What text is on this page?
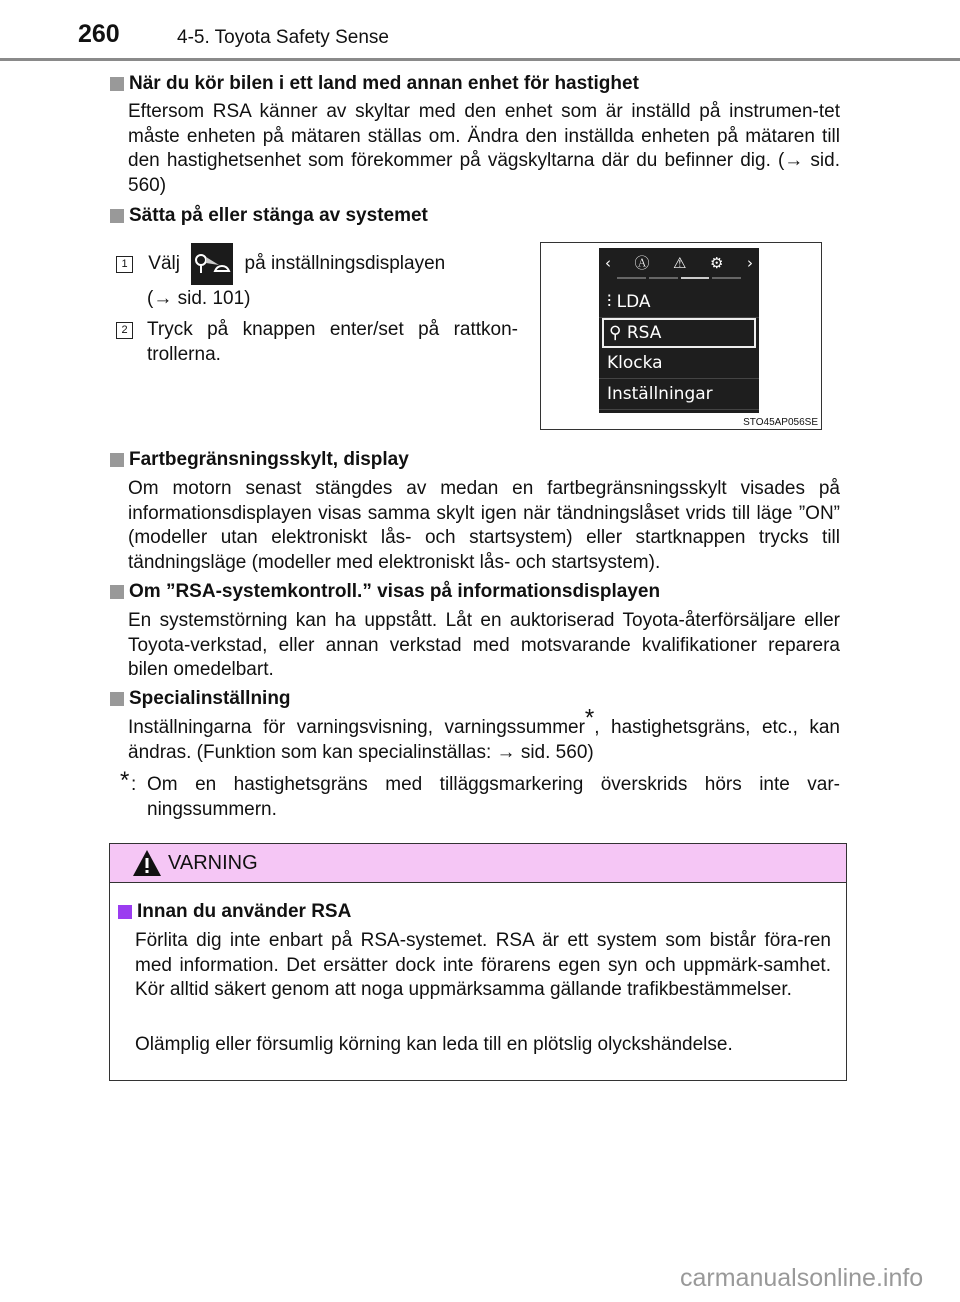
260	4-5. Toyota Safety Sense
När du kör bilen i ett land med annan enhet för hastighet
Eftersom RSA känner av skyltar med den enhet som är inställd på instrumen-tet måste enheten på mätaren ställas om. Ändra den inställda enheten på mätaren till den hastighetsenhet som förekommer på vägskyltarna där du befinner dig. (→ sid. 560)
Sätta på eller stänga av systemet
1 Välj	på inställningsdisplayen
(→ sid. 101)
2 Tryck på knappen enter/set på rattkon-trollerna.
‹ Ⓐ ⚠ ⚙ ›
⫶ LDA
⚲ RSA
Klocka
Inställningar
STO45AP056SE
Fartbegränsningsskylt, display
Om motorn senast stängdes av medan en fartbegränsningsskylt visades på informationsdisplayen visas samma skylt igen när tändningslåset vrids till läge ”ON” (modeller utan elektroniskt lås- och startsystem) eller startknappen trycks till tändningsläge (modeller med elektroniskt lås- och startsystem).
Om ”RSA-systemkontroll.” visas på informationsdisplayen
En systemstörning kan ha uppstått. Låt en auktoriserad Toyota-återförsäljare eller Toyota-verkstad, eller annan verkstad med motsvarande kvalifikationer reparera bilen omedelbart.
Specialinställning
Inställningarna för varningsvisning, varningssummer*, hastighetsgräns, etc., kan ändras. (Funktion som kan specialinställas: → sid. 560)
* : Om en hastighetsgräns med tilläggsmarkering överskrids hörs inte var-ningssummern.
VARNING
Innan du använder RSA
Förlita dig inte enbart på RSA-systemet. RSA är ett system som bistår föra-ren med information. Det ersätter dock inte förarens egen syn och uppmärk-samhet. Kör alltid säkert genom att noga uppmärksamma gällande trafikbestämmelser.
Olämplig eller försumlig körning kan leda till en plötslig olyckshändelse.
carmanualsonline.info
